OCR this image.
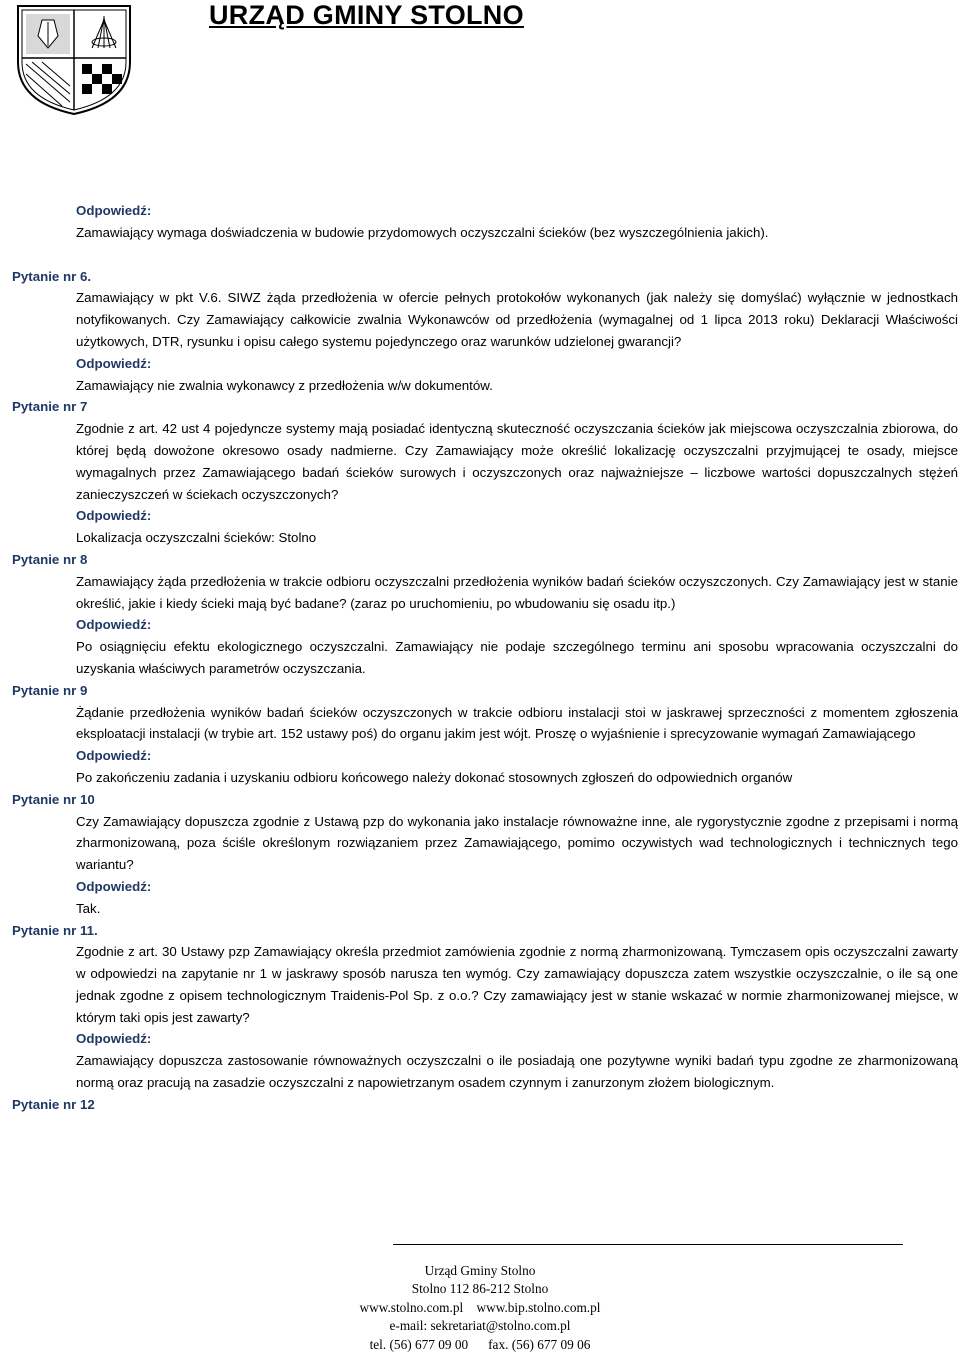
URZĄD GMINY STOLNO
Odpowiedź:
Zamawiający wymaga doświadczenia w budowie przydomowych oczyszczalni ścieków (bez wyszczególnienia jakich).
Pytanie nr 6.
Zamawiający w pkt V.6. SIWZ żąda przedłożenia w ofercie pełnych protokołów wykonanych (jak należy się domyślać) wyłącznie w jednostkach notyfikowanych. Czy Zamawiający całkowicie zwalnia Wykonawców od przedłożenia (wymagalnej od 1 lipca 2013 roku) Deklaracji Właściwości użytkowych, DTR, rysunku i opisu całego systemu pojedynczego oraz warunków udzielonej gwarancji?
Odpowiedź:
Zamawiający nie zwalnia wykonawcy z przedłożenia w/w dokumentów.
Pytanie nr 7
Zgodnie z art. 42 ust 4 pojedyncze systemy mają posiadać identyczną skuteczność oczyszczania ścieków jak miejscowa oczyszczalnia zbiorowa, do której będą dowożone okresowo osady nadmierne. Czy Zamawiający może określić lokalizację oczyszczalni przyjmującej te osady, miejsce wymagalnych przez Zamawiającego badań ścieków surowych i oczyszczonych oraz najważniejsze – liczbowe wartości dopuszczalnych stężeń zanieczyszczeń w ściekach oczyszczonych?
Odpowiedź:
Lokalizacja oczyszczalni ścieków: Stolno
Pytanie nr 8
Zamawiający żąda przedłożenia w trakcie odbioru oczyszczalni przedłożenia wyników badań ścieków oczyszczonych. Czy Zamawiający jest w stanie określić, jakie i kiedy ścieki mają być badane? (zaraz po uruchomieniu, po wbudowaniu się osadu itp.)
Odpowiedź:
Po osiągnięciu efektu ekologicznego oczyszczalni. Zamawiający nie podaje szczególnego terminu ani sposobu wpracowania oczyszczalni do uzyskania właściwych parametrów oczyszczania.
Pytanie nr 9
Żądanie przedłożenia wyników badań ścieków oczyszczonych w trakcie odbioru instalacji stoi w jaskrawej sprzeczności z momentem zgłoszenia eksploatacji instalacji (w trybie art. 152 ustawy poś) do organu jakim jest wójt. Proszę o wyjaśnienie i sprecyzowanie wymagań Zamawiającego
Odpowiedź:
Po zakończeniu zadania i uzyskaniu odbioru końcowego należy dokonać stosownych zgłoszeń do odpowiednich organów
Pytanie nr 10
Czy Zamawiający dopuszcza zgodnie z Ustawą pzp do wykonania jako instalacje równoważne inne, ale rygorystycznie zgodne z przepisami i normą zharmonizowaną, poza ściśle określonym rozwiązaniem przez Zamawiającego, pomimo oczywistych wad technologicznych i technicznych tego wariantu?
Odpowiedź:
Tak.
Pytanie nr 11.
Zgodnie z art. 30 Ustawy pzp Zamawiający określa przedmiot zamówienia zgodnie z normą zharmonizowaną. Tymczasem opis oczyszczalni zawarty w odpowiedzi na zapytanie nr 1 w jaskrawy sposób narusza ten wymóg. Czy zamawiający dopuszcza zatem wszystkie oczyszczalnie, o ile są one jednak zgodne z opisem technologicznym Traidenis-Pol Sp. z o.o.? Czy zamawiający jest w stanie wskazać w normie zharmonizowanej miejsce, w którym taki opis jest zawarty?
Odpowiedź:
Zamawiający dopuszcza zastosowanie równoważnych oczyszczalni o ile posiadają one pozytywne wyniki badań typu zgodne ze zharmonizowaną normą oraz pracują na zasadzie oczyszczalni z napowietrzanym osadem czynnym i zanurzonym złożem biologicznym.
Pytanie nr 12
Urząd Gminy Stolno
Stolno 112 86-212 Stolno
www.stolno.com.pl www.bip.stolno.com.pl
e-mail: sekretariat@stolno.com.pl
tel. (56) 677 09 00 fax. (56) 677 09 06
